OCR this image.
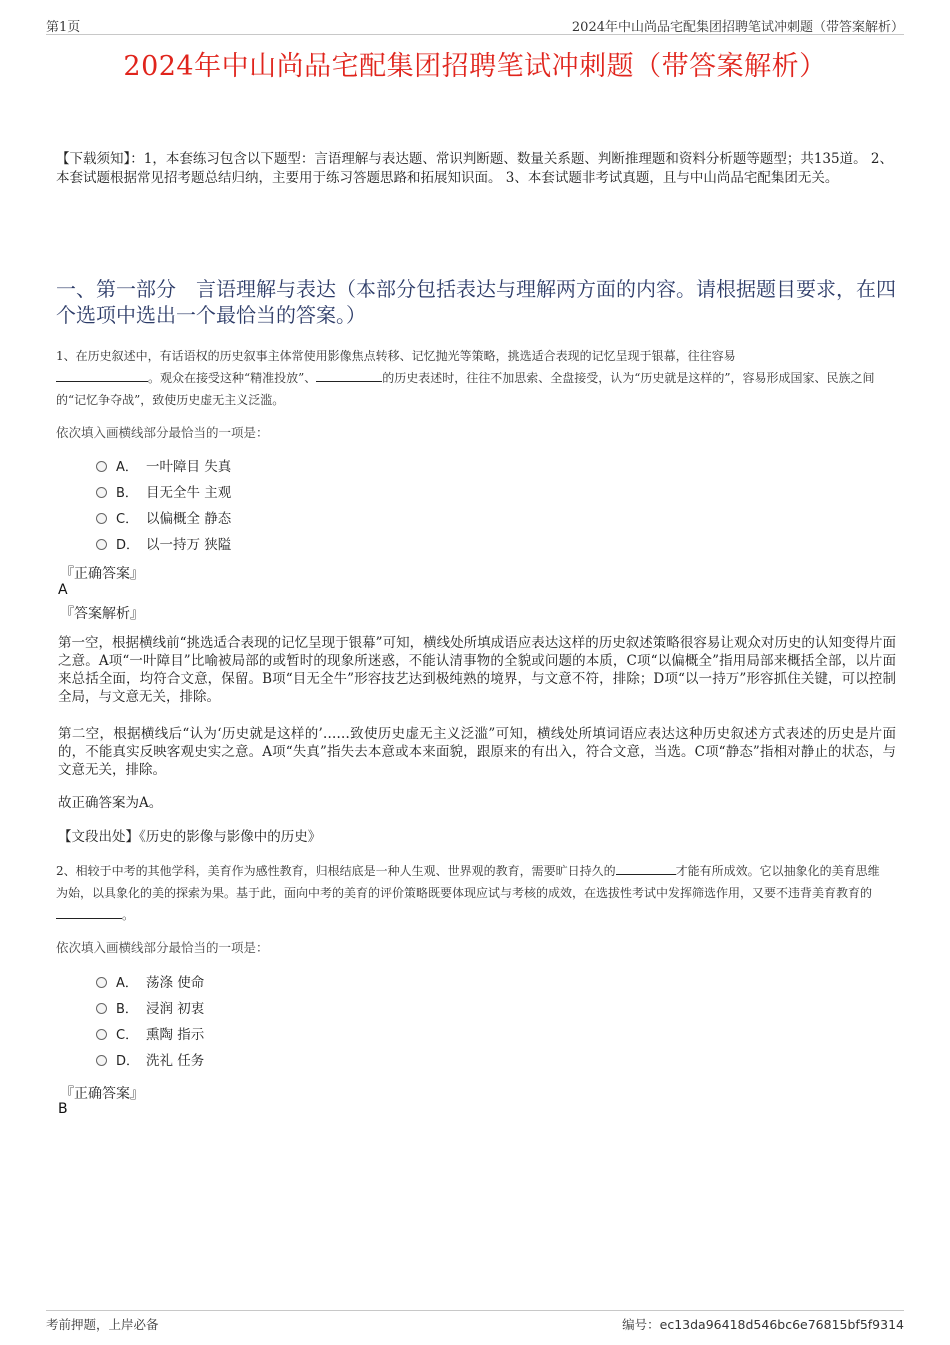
第1页	2024年中山尚品宅配集团招聘笔试冲刺题（带答案解析）
2024年中山尚品宅配集团招聘笔试冲刺题（带答案解析）
【下载须知】：1，本套练习包含以下题型：言语理解与表达题、常识判断题、数量关系题、判断推理题和资料分析题等题型；共135道。 2、本套试题根据常见招考题总结归纳，主要用于练习答题思路和拓展知识面。 3、本套试题非考试真题，且与中山尚品宅配集团无关。
一、第一部分　言语理解与表达（本部分包括表达与理解两方面的内容。请根据题目要求，在四个选项中选出一个最恰当的答案。）
1、在历史叙述中，有话语权的历史叙事主体常使用影像焦点转移、记忆抛光等策略，挑选适合表现的记忆呈现于银幕，往往容易
。观众在接受这种“精准投放”、	的历史表述时，往往不加思索、全盘接受，认为“历史就是这样的”，容易形成国家、民族之间的“记忆争夺战”，致使历史虚无主义泛滥。
依次填入画横线部分最恰当的一项是：
A． 一叶障目 失真
B． 目无全牛 主观
C． 以偏概全 静态
D． 以一持万 狭隘
『正确答案』
A
『答案解析』
第一空，根据横线前“挑选适合表现的记忆呈现于银幕”可知，横线处所填成语应表达这样的历史叙述策略很容易让观众对历史的认知变得片面之意。A项“一叶障目”比喻被局部的或暂时的现象所迷惑，不能认清事物的全貌或问题的本质，C项“以偏概全”指用局部来概括全部，以片面来总括全面，均符合文意，保留。B项“目无全牛”形容技艺达到极纯熟的境界，与文意不符，排除；D项“以一持万”形容抓住关键，可以控制全局，与文意无关，排除。
第二空，根据横线后“认为‘历史就是这样的’……致使历史虚无主义泛滥”可知，横线处所填词语应表达这种历史叙述方式表述的历史是片面的，不能真实反映客观史实之意。A项“失真”指失去本意或本来面貌，跟原来的有出入，符合文意，当选。C项“静态”指相对静止的状态，与文意无关，排除。
故正确答案为A。
【文段出处】《历史的影像与影像中的历史》
2、相较于中考的其他学科，美育作为感性教育，归根结底是一种人生观、世界观的教育，需要旷日持久的	才能有所成效。它以抽象化的美育思维为始，以具象化的美的探索为果。基于此，面向中考的美育的评价策略既要体现应试与考核的成效，在选拔性考试中发挥筛选作用，又要不违背美育教育的。
依次填入画横线部分最恰当的一项是：
A． 荡涤 使命
B． 浸润 初衷
C． 熏陶 指示
D． 洗礼 任务
『正确答案』
B
考前押题，上岸必备	编号：ec13da96418d546bc6e76815bf5f9314
